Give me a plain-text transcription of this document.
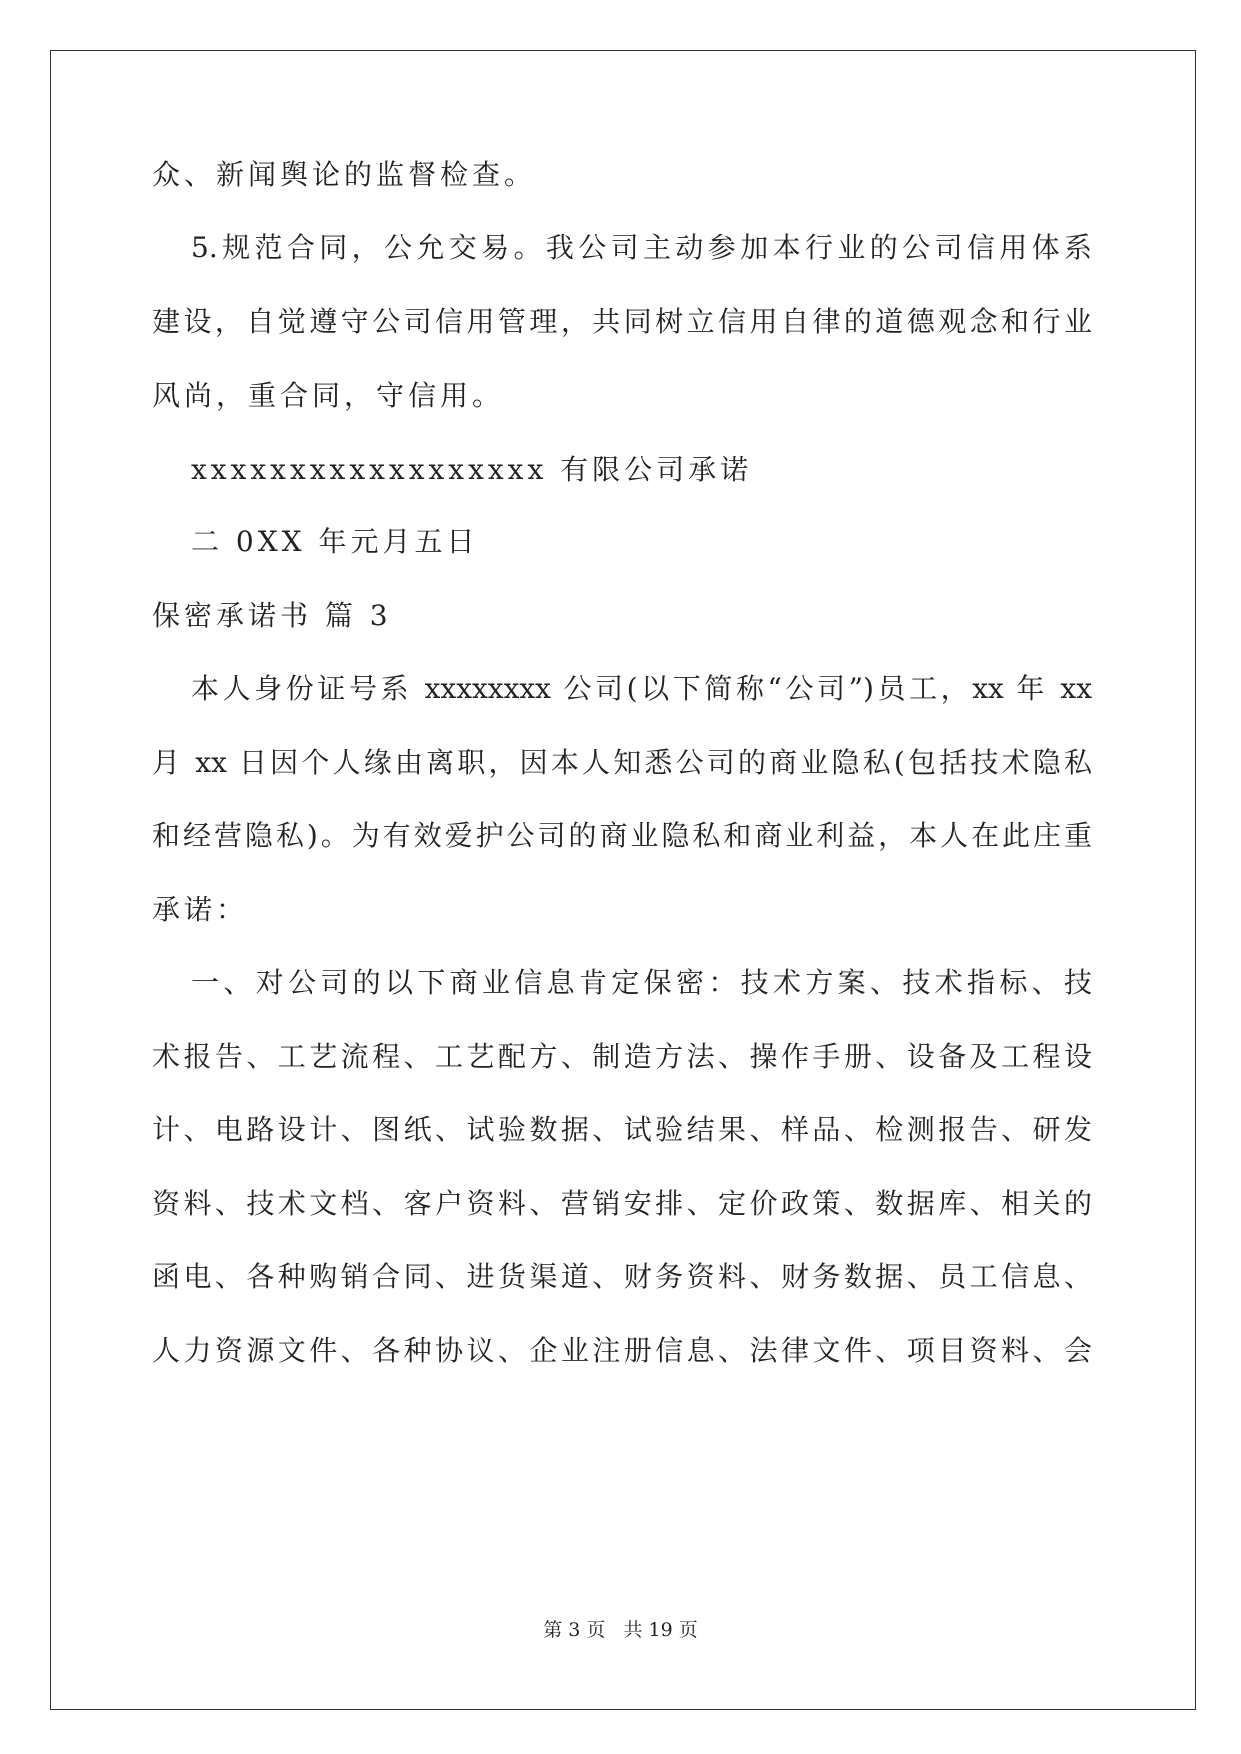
众、新闻舆论的监督检查。
5.规范合同，公允交易。我公司主动参加本行业的公司信用体系
建设，自觉遵守公司信用管理，共同树立信用自律的道德观念和行业
风尚，重合同，守信用。
xxxxxxxxxxxxxxxxxx 有限公司承诺
二 0XX 年元月五日
保密承诺书 篇 3
本人身份证号系 xxxxxxxx 公司(以下简称“公司”)员工，xx 年 xx
月 xx 日因个人缘由离职，因本人知悉公司的商业隐私(包括技术隐私
和经营隐私)。为有效爱护公司的商业隐私和商业利益，本人在此庄重
承诺：
一、对公司的以下商业信息肯定保密：技术方案、技术指标、技
术报告、工艺流程、工艺配方、制造方法、操作手册、设备及工程设
计、电路设计、图纸、试验数据、试验结果、样品、检测报告、研发
资料、技术文档、客户资料、营销安排、定价政策、数据库、相关的
函电、各种购销合同、进货渠道、财务资料、财务数据、员工信息、
人力资源文件、各种协议、企业注册信息、法律文件、项目资料、会
第 3 页 共 19 页
